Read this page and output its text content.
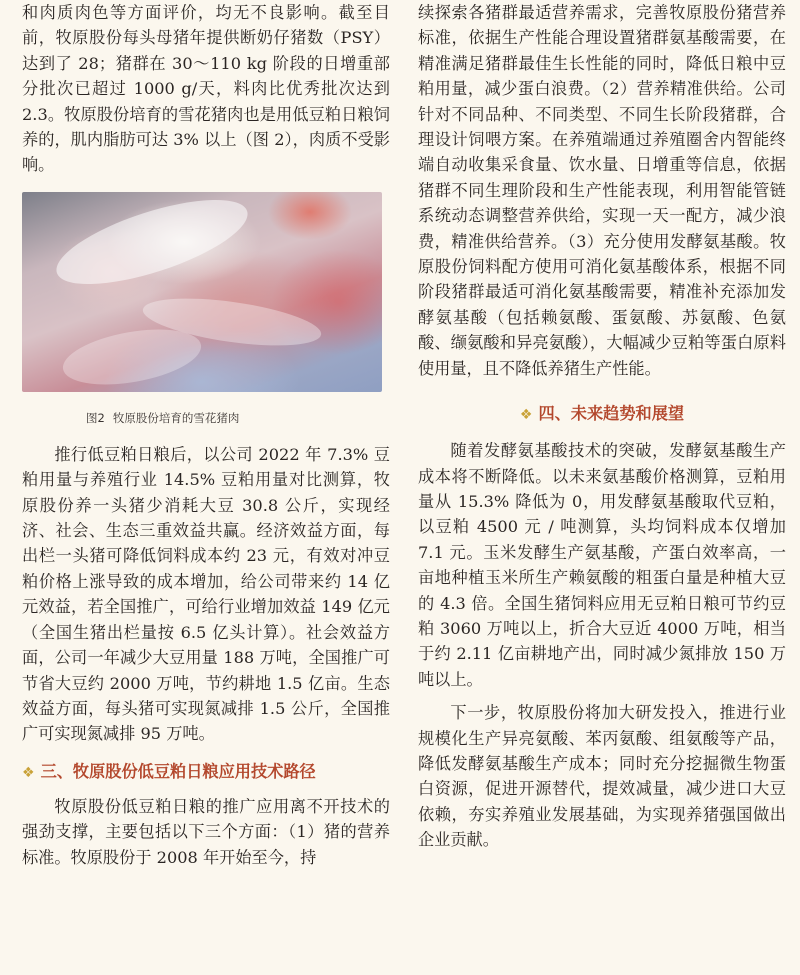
和肉质肉色等方面评价，均无不良影响。截至目前，牧原股份每头母猪年提供断奶仔猪数（PSY）达到了 28；猪群在 30～110 kg 阶段的日增重部分批次已超过 1000 g/天，料肉比优秀批次达到 2.3。牧原股份培育的雪花猪肉也是用低豆粕日粮饲养的，肌内脂肪可达 3% 以上（图 2），肉质不受影响。

图2 牧原股份培育的雪花猪肉

推行低豆粕日粮后，以公司 2022 年 7.3% 豆粕用量与养殖行业 14.5% 豆粕用量对比测算，牧原股份养一头猪少消耗大豆 30.8 公斤，实现经济、社会、生态三重效益共赢。经济效益方面，每出栏一头猪可降低饲料成本约 23 元，有效对冲豆粕价格上涨导致的成本增加，给公司带来约 14 亿元效益，若全国推广，可给行业增加效益 149 亿元（全国生猪出栏量按 6.5 亿头计算）。社会效益方面，公司一年减少大豆用量 188 万吨，全国推广可节省大豆约 2000 万吨，节约耕地 1.5 亿亩。生态效益方面，每头猪可实现氮减排 1.5 公斤，全国推广可实现氮减排 95 万吨。

❖ 三、牧原股份低豆粕日粮应用技术路径

牧原股份低豆粕日粮的推广应用离不开技术的强劲支撑，主要包括以下三个方面：（1）猪的营养标准。牧原股份于 2008 年开始至今，持

续探索各猪群最适营养需求，完善牧原股份猪营养标准，依据生产性能合理设置猪群氨基酸需要，在精准满足猪群最佳生长性能的同时，降低日粮中豆粕用量，减少蛋白浪费。（2）营养精准供给。公司针对不同品种、不同类型、不同生长阶段猪群，合理设计饲喂方案。在养殖端通过养殖圈舍内智能终端自动收集采食量、饮水量、日增重等信息，依据猪群不同生理阶段和生产性能表现，利用智能管链系统动态调整营养供给，实现一天一配方，减少浪费，精准供给营养。（3）充分使用发酵氨基酸。牧原股份饲料配方使用可消化氨基酸体系，根据不同阶段猪群最适可消化氨基酸需要，精准补充添加发酵氨基酸（包括赖氨酸、蛋氨酸、苏氨酸、色氨酸、缬氨酸和异亮氨酸），大幅减少豆粕等蛋白原料使用量，且不降低养猪生产性能。

❖ 四、未来趋势和展望

随着发酵氨基酸技术的突破，发酵氨基酸生产成本将不断降低。以未来氨基酸价格测算，豆粕用量从 15.3% 降低为 0，用发酵氨基酸取代豆粕，以豆粕 4500 元 / 吨测算，头均饲料成本仅增加 7.1 元。玉米发酵生产氨基酸，产蛋白效率高，一亩地种植玉米所生产赖氨酸的粗蛋白量是种植大豆的 4.3 倍。全国生猪饲料应用无豆粕日粮可节约豆粕 3060 万吨以上，折合大豆近 4000 万吨，相当于约 2.11 亿亩耕地产出，同时减少氮排放 150 万吨以上。

下一步，牧原股份将加大研发投入，推进行业规模化生产异亮氨酸、苯丙氨酸、组氨酸等产品，降低发酵氨基酸生产成本；同时充分挖掘微生物蛋白资源，促进开源替代，提效减量，减少进口大豆依赖，夯实养殖业发展基础，为实现养猪强国做出企业贡献。
